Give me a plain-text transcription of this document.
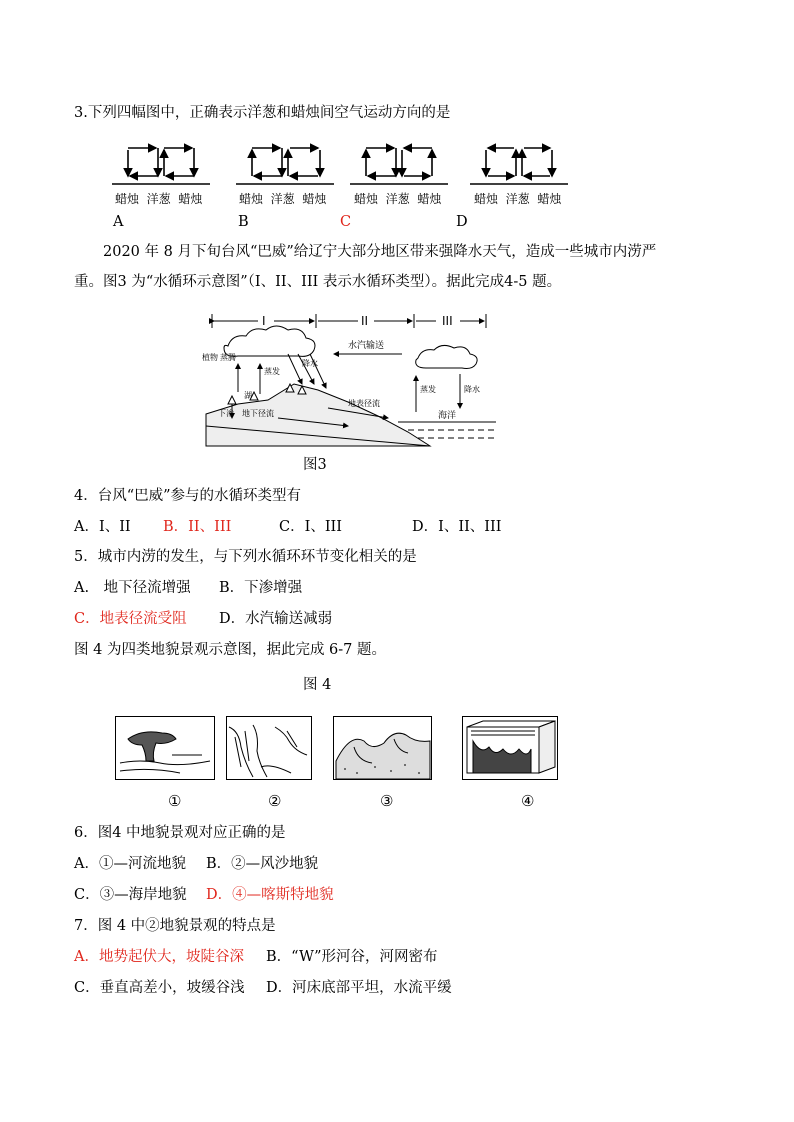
3.下列四幅图中，正确表示洋葱和蜡烛间空气运动方向的是
蜡烛 洋葱 蜡烛	蜡烛 洋葱 蜡烛 蜡烛 洋葱 蜡烛	蜡烛 洋葱 蜡烛
A	B	C	D
2020 年 8 月下旬台风“巴威”给辽宁大部分地区带来强降水天气，造成一些城市内涝严
重。图3 为“水循环示意图”（I、II、III 表示水循环类型）。据此完成4-5 题。
I	II	III
水汽输送
海洋
植物 蒸腾
蒸发
降水
湖
下渗 地下径流
地表径流
蒸发	降水
图3
4．台风“巴威”参与的水循环类型有
A．I、II B．II、III	C．I、III	D．I、II、III
5．城市内涝的发生，与下列水循环环节变化相关的是
A.　地下径流增强 B．下渗增强
C．地表径流受阻 D．水汽输送减弱
图 4 为四类地貌景观示意图，据此完成 6-7 题。
图 4
①	②	③	④
6．图4 中地貌景观对应正确的是
A．①—河流地貌 B．②—风沙地貌
C．③—海岸地貌 D．④—喀斯特地貌
7．图 4 中②地貌景观的特点是
A．地势起伏大，坡陡谷深 B．“W”形河谷，河网密布
C．垂直高差小，坡缓谷浅 D．河床底部平坦，水流平缓
